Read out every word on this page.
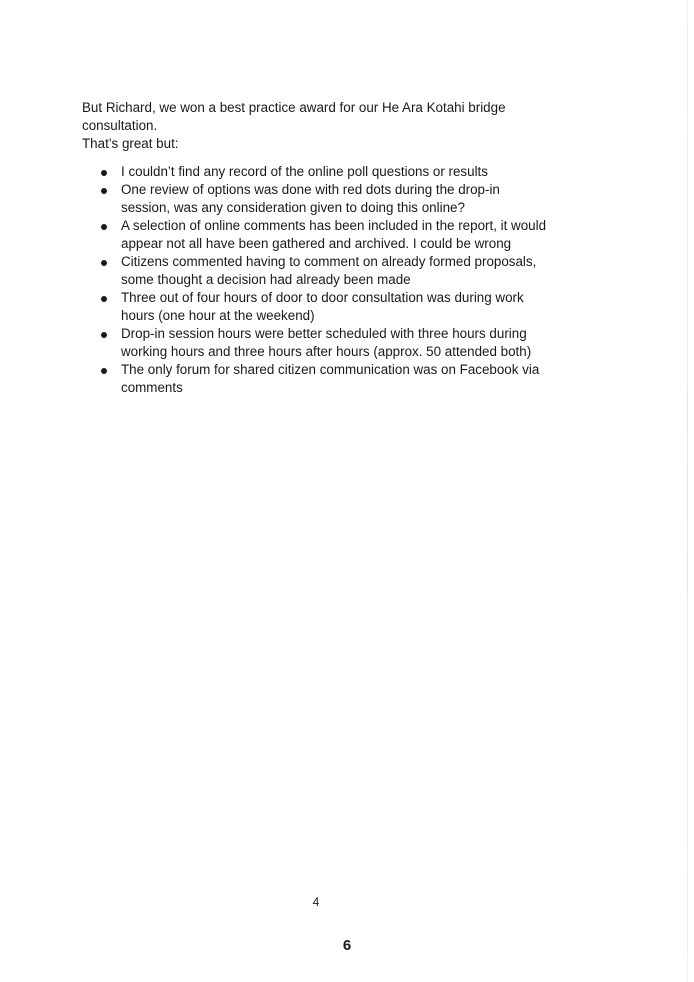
But Richard, we won a best practice award for our He Ara Kotahi bridge consultation.
That’s great but:

I couldn’t find any record of the online poll questions or results
One review of options was done with red dots during the drop-in session, was any consideration given to doing this online?
A selection of online comments has been included in the report, it would appear not all have been gathered and archived. I could be wrong
Citizens commented having to comment on already formed proposals, some thought a decision had already been made
Three out of four hours of door to door consultation was during work hours (one hour at the weekend)
Drop-in session hours were better scheduled with three hours during working hours and three hours after hours (approx. 50 attended both)
The only forum for shared citizen communication was on Facebook via comments
4
6
